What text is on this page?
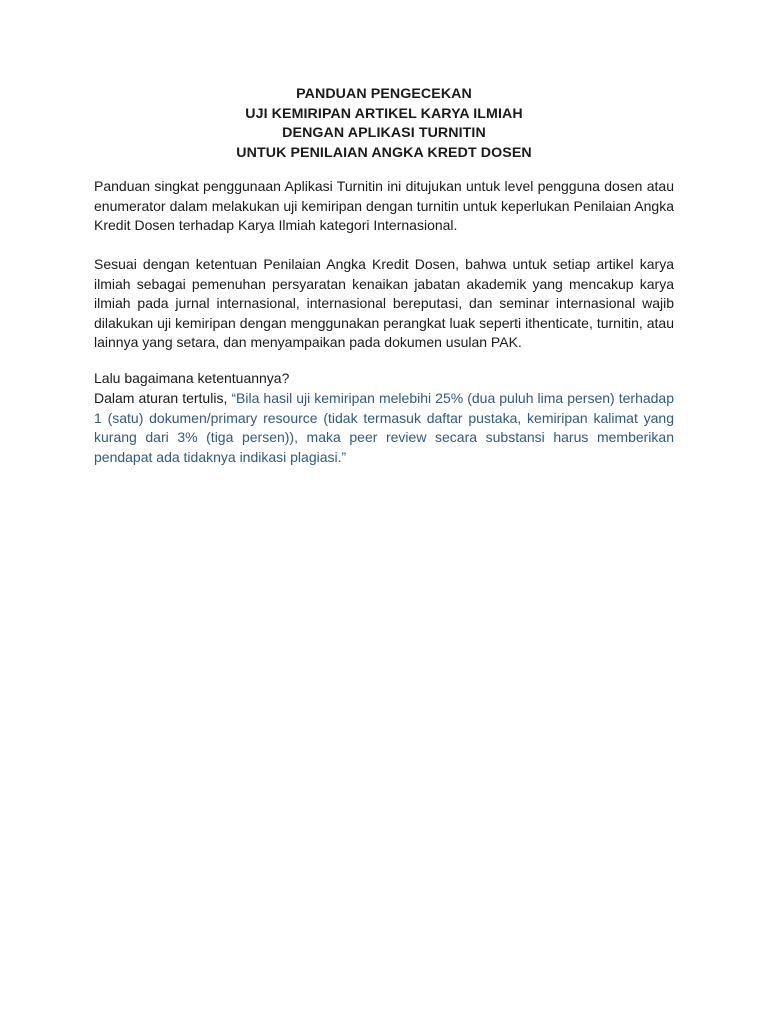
PANDUAN PENGECEKAN
UJI KEMIRIPAN ARTIKEL KARYA ILMIAH
DENGAN APLIKASI TURNITIN
UNTUK PENILAIAN ANGKA KREDT DOSEN

Panduan singkat penggunaan Aplikasi Turnitin ini ditujukan untuk level pengguna dosen atau enumerator dalam melakukan uji kemiripan dengan turnitin untuk keperlukan Penilaian Angka Kredit Dosen terhadap Karya Ilmiah kategori Internasional.

Sesuai dengan ketentuan Penilaian Angka Kredit Dosen, bahwa untuk setiap artikel karya ilmiah sebagai pemenuhan persyaratan kenaikan jabatan akademik yang mencakup karya ilmiah pada jurnal internasional, internasional bereputasi, dan seminar internasional wajib dilakukan uji kemiripan dengan menggunakan perangkat luak seperti ithenticate, turnitin, atau lainnya yang setara, dan menyampaikan pada dokumen usulan PAK.

Lalu bagaimana ketentuannya?

Dalam aturan tertulis, “Bila hasil uji kemiripan melebihi 25% (dua puluh lima persen) terhadap 1 (satu) dokumen/primary resource (tidak termasuk daftar pustaka, kemiripan kalimat yang kurang dari 3% (tiga persen)), maka peer review secara substansi harus memberikan pendapat ada tidaknya indikasi plagiasi.”
